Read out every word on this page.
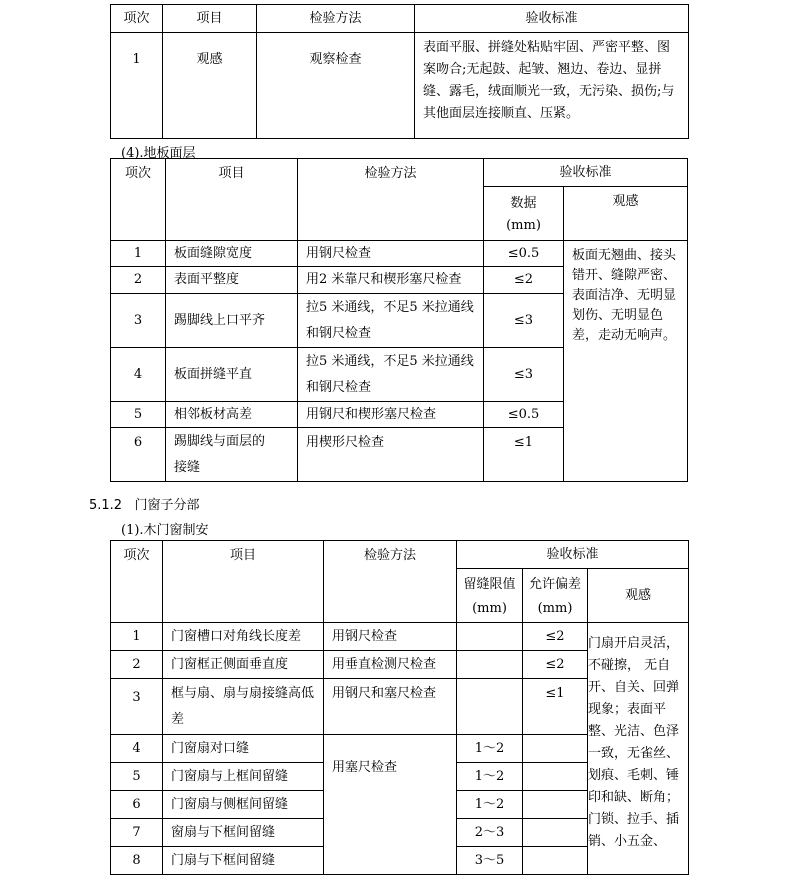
项次	项目	检验方法	验收标准
1	观感	观察检查	表面平服、拼缝处粘贴牢固、严密平整、图案吻合;无起鼓、起皱、翘边、卷边、显拼缝、露毛，绒面顺光一致，无污染、损伤;与其他面层连接顺直、压紧。
(4).地板面层
项次	项目	检验方法	验收标准	
			数据(mm)	观感
1	板面缝隙宽度	用钢尺检查	≤0.5	板面无翘曲、接头错开、缝隙严密、表面洁净、无明显划伤、无明显色差，走动无响声。
2	表面平整度	用2 米靠尺和楔形塞尺检查	≤2	
3	踢脚线上口平齐	拉5 米通线，不足5 米拉通线和钢尺检查	≤3	
4	板面拼缝平直	拉5 米通线，不足5 米拉通线和钢尺检查	≤3	
5	相邻板材高差	用钢尺和楔形塞尺检查	≤0.5	
6	踢脚线与面层的接缝	用楔形尺检查	≤1	
5.1.2 门窗子分部
(1).木门窗制安
项次	项目	检验方法	验收标准		
			留缝限值(mm)	允许偏差(mm)	观感
1	门窗槽口对角线长度差	用钢尺检查		≤2	门扇开启灵活，不碰擦， 无自开、自关、回弹现象；表面平整、光洁、色泽一致，无雀丝、划痕、毛刺、锤印和缺、断角；门锁、拉手、插销、小五金、
2	门窗框正侧面垂直度	用垂直检测尺检查		≤2	
3	框与扇、扇与扇接缝高低差	用钢尺和塞尺检查		≤1	
4	门窗扇对口缝	用塞尺检查	1～2		
5	门窗扇与上框间留缝		1～2		
6	门窗扇与侧框间留缝		1～2		
7	窗扇与下框间留缝		2～3		
8	门扇与下框间留缝		3～5		
